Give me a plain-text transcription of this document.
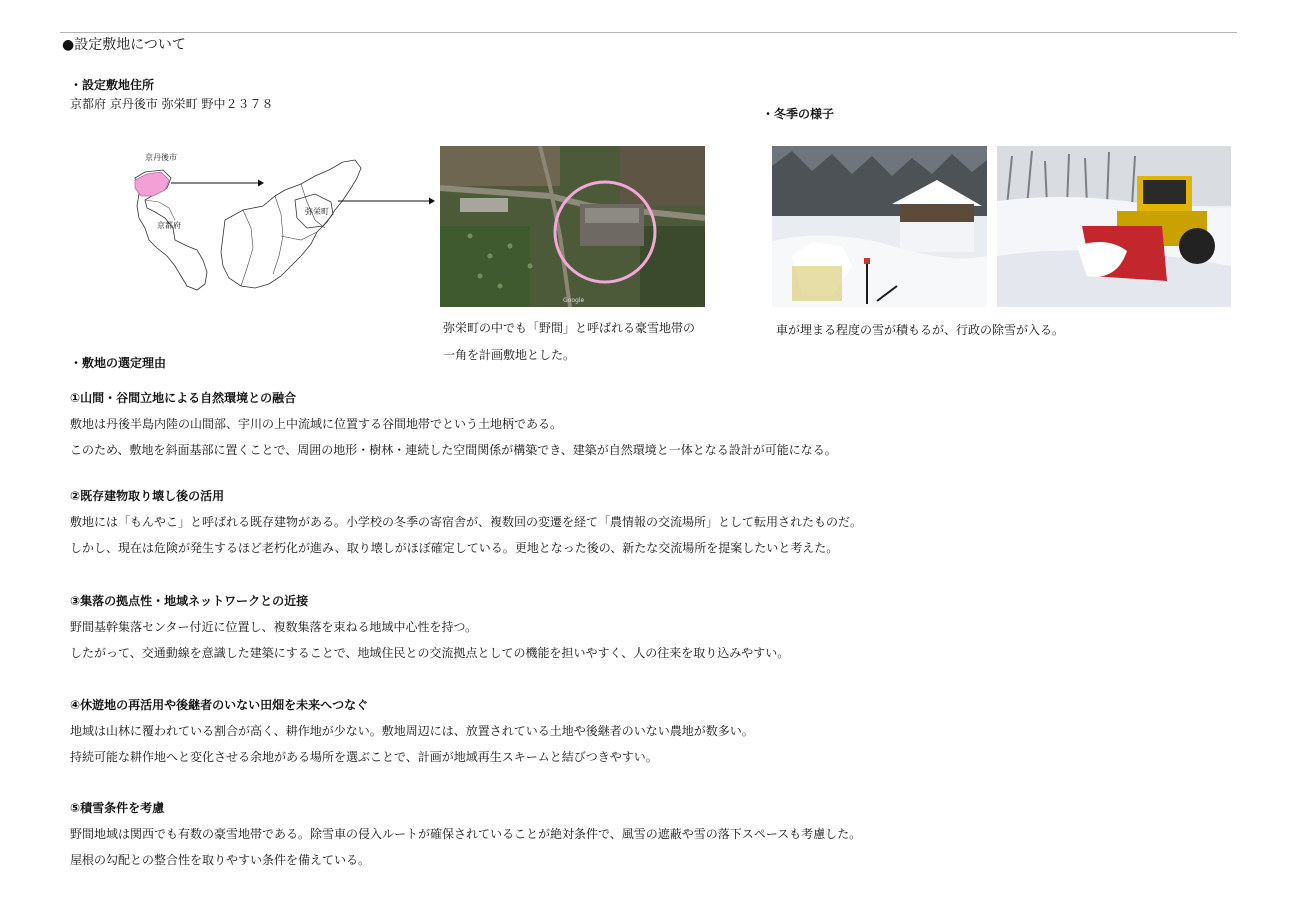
●設定敷地について
・設定敷地住所
京都府 京丹後市 弥栄町 野中２３７８
京丹後市
京都府
弥栄町
Google
弥栄町の中でも「野間」と呼ばれる豪雪地帯の
一角を計画敷地とした。
・冬季の様子
車が埋まる程度の雪が積もるが、行政の除雪が入る。
・敷地の選定理由
①山間・谷間立地による自然環境との融合
敷地は丹後半島内陸の山間部、宇川の上中流域に位置する谷間地帯でという土地柄である。
このため、敷地を斜面基部に置くことで、周囲の地形・樹林・連続した空間関係が構築でき、建築が自然環境と一体となる設計が可能になる。
②既存建物取り壊し後の活用
敷地には「もんやこ」と呼ばれる既存建物がある。小学校の冬季の寄宿舎が、複数回の変遷を経て「農情報の交流場所」として転用されたものだ。
しかし、現在は危険が発生するほど老朽化が進み、取り壊しがほぼ確定している。更地となった後の、新たな交流場所を提案したいと考えた。
③集落の拠点性・地域ネットワークとの近接
野間基幹集落センター付近に位置し、複数集落を束ねる地域中心性を持つ。
したがって、交通動線を意識した建築にすることで、地域住民との交流拠点としての機能を担いやすく、人の往来を取り込みやすい。
④休遊地の再活用や後継者のいない田畑を未来へつなぐ
地域は山林に覆われている割合が高く、耕作地が少ない。敷地周辺には、放置されている土地や後継者のいない農地が数多い。
持続可能な耕作地へと変化させる余地がある場所を選ぶことで、計画が地域再生スキームと結びつきやすい。
⑤積雪条件を考慮
野間地域は関西でも有数の豪雪地帯である。除雪車の侵入ルートが確保されていることが絶対条件で、風雪の遮蔽や雪の落下スペースも考慮した。
屋根の勾配との整合性を取りやすい条件を備えている。
